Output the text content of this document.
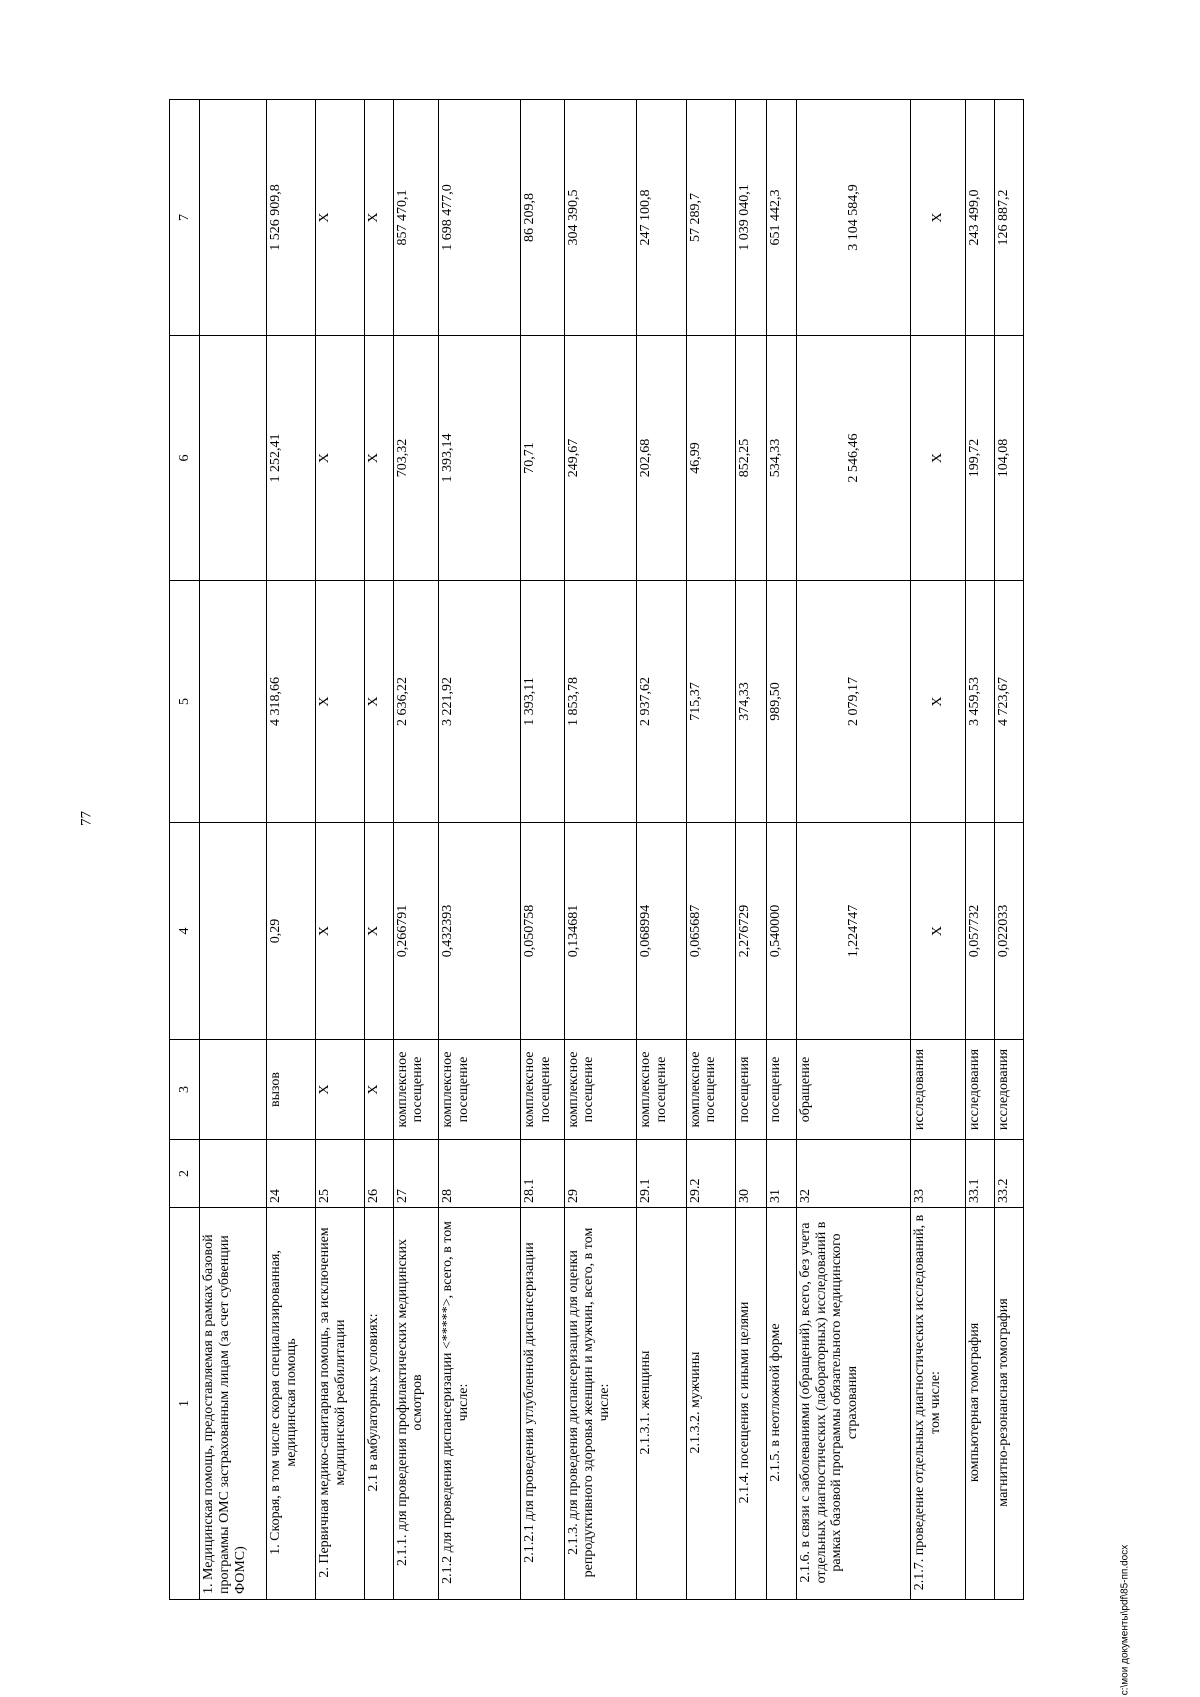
77
c:\мои документы\pdf\85-пп.docx
1	2	3	4	5	6	7
1. Медицинская помощь, предоставляемая в рамках базовой программы ОМС застрахованным лицам (за счет субвенции ФОМС)						
1. Скорая, в том числе скорая специализированная, медицинская помощь	24	вызов	0,29	4 318,66	1 252,41	1 526 909,8
2. Первичная медико-санитарная помощь, за исключением медицинской реабилитации	25	Х	Х	Х	Х	Х
2.1 в амбулаторных условиях:	26	Х	Х	Х	Х	Х
2.1.1. для проведения профилактических медицинских осмотров	27	комплексное посещение	0,266791	2 636,22	703,32	857 470,1
2.1.2 для проведения диспансеризации <*****>, всего, в том числе:	28	комплексное посещение	0,432393	3 221,92	1 393,14	1 698 477,0
2.1.2.1 для проведения углубленной диспансеризации	28.1	комплексное посещение	0,050758	1 393,11	70,71	86 209,8
2.1.3. для проведения диспансеризации для оценки репродуктивного здоровья женщин и мужчин, всего, в том числе:	29	комплексное посещение	0,134681	1 853,78	249,67	304 390,5
2.1.3.1. женщины	29.1	комплексное посещение	0,068994	2 937,62	202,68	247 100,8
2.1.3.2. мужчины	29.2	комплексное посещение	0,065687	715,37	46,99	57 289,7
2.1.4. посещения с иными целями	30	посещения	2,276729	374,33	852,25	1 039 040,1
2.1.5. в неотложной форме	31	посещение	0,540000	989,50	534,33	651 442,3
2.1.6. в связи с заболеваниями (обращений), всего, без учета отдельных диагностических (лабораторных) исследований в рамках базовой программы обязательного медицинского страхования	32	обращение	1,224747	2 079,17	2 546,46	3 104 584,9
2.1.7. проведение отдельных диагностических исследований, в том числе:	33	исследования	Х	Х	Х	Х
компьютерная томография	33.1	исследования	0,057732	3 459,53	199,72	243 499,0
магнитно-резонансная томография	33.2	исследования	0,022033	4 723,67	104,08	126 887,2
